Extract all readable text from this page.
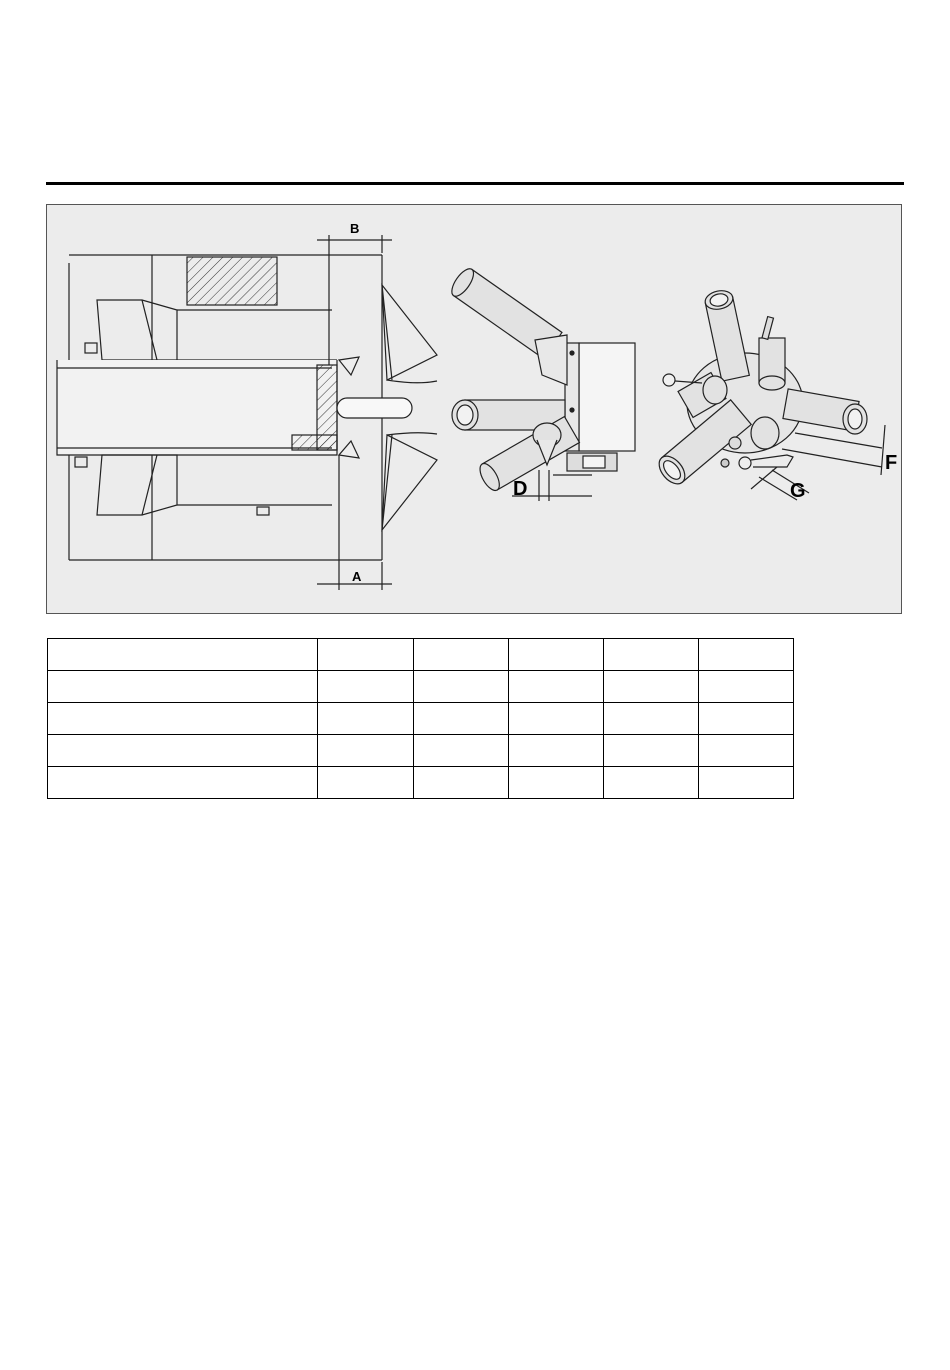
B
A
D
F
G
